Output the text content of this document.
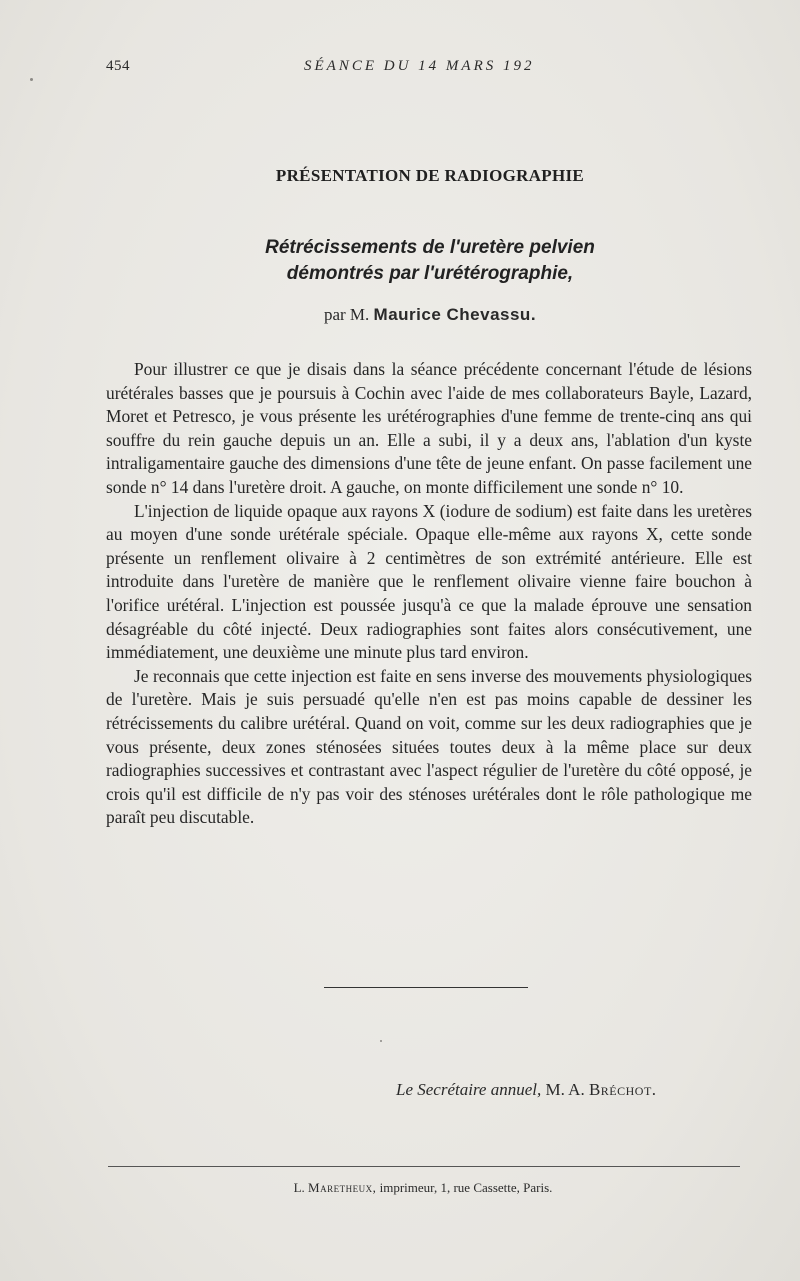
454	SÉANCE DU 14 MARS 192
PRÉSENTATION DE RADIOGRAPHIE
Rétrécissements de l'uretère pelvien
démontrés par l'urétérographie,
par M. Maurice Chevassu.

Pour illustrer ce que je disais dans la séance précédente concernant l'étude de lésions urétérales basses que je poursuis à Cochin avec l'aide de mes collaborateurs Bayle, Lazard, Moret et Petresco, je vous présente les urétérographies d'une femme de trente-cinq ans qui souffre du rein gauche depuis un an. Elle a subi, il y a deux ans, l'ablation d'un kyste intraligamentaire gauche des dimensions d'une tête de jeune enfant. On passe facilement une sonde n° 14 dans l'uretère droit. A gauche, on monte difficilement une sonde n° 10.

L'injection de liquide opaque aux rayons X (iodure de sodium) est faite dans les uretères au moyen d'une sonde urétérale spéciale. Opaque elle-même aux rayons X, cette sonde présente un renflement olivaire à 2 centimètres de son extrémité antérieure. Elle est introduite dans l'uretère de manière que le renflement olivaire vienne faire bouchon à l'orifice urétéral. L'injection est poussée jusqu'à ce que la malade éprouve une sensation désagréable du côté injecté. Deux radiographies sont faites alors consécutivement, une immédiatement, une deuxième une minute plus tard environ.

Je reconnais que cette injection est faite en sens inverse des mouvements physiologiques de l'uretère. Mais je suis persuadé qu'elle n'en est pas moins capable de dessiner les rétrécissements du calibre urétéral. Quand on voit, comme sur les deux radiographies que je vous présente, deux zones sténosées situées toutes deux à la même place sur deux radiographies successives et contrastant avec l'aspect régulier de l'uretère du côté opposé, je crois qu'il est difficile de n'y pas voir des sténoses urétérales dont le rôle pathologique me paraît peu discutable.

Le Secrétaire annuel, M. A. Bréchot.
L. Maretheux, imprimeur, 1, rue Cassette, Paris.
